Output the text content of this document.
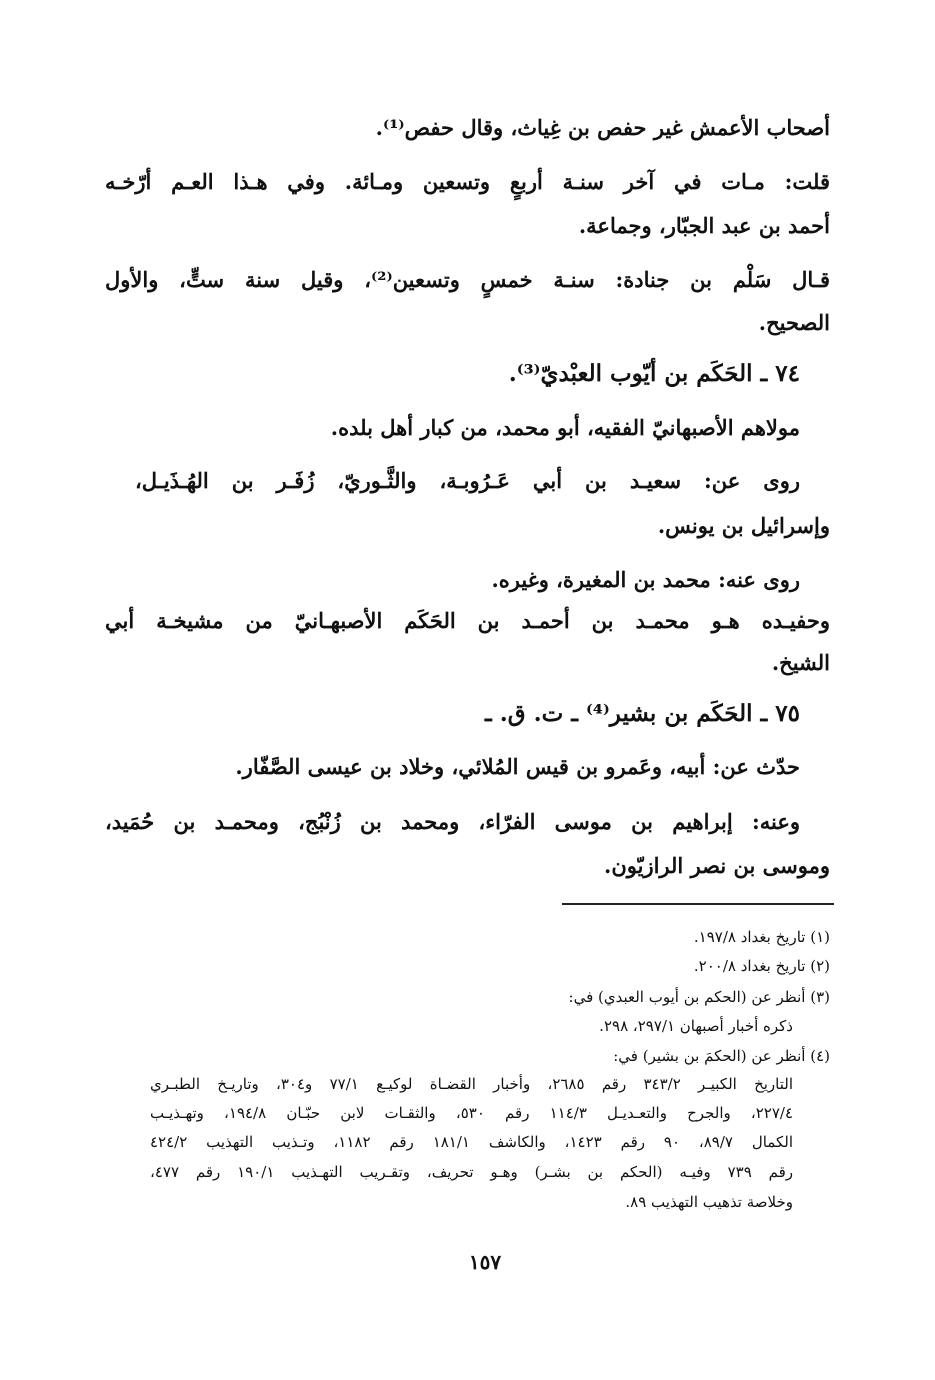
أصحاب الأعمش غير حفص بن غِياث، وقال حفص⁽¹⁾.
قلت: مـات في آخر سنـة أربعٍ وتسعين ومـائة. وفي هـذا العـم أرّخـه
أحمد بن عبد الجبّار، وجماعة.
قـال سَلْم بن جنادة: سنـة خمسٍ وتسعين⁽²⁾، وقيل سنة ستٍّ، والأول
الصحيح.
٧٤ ـ الحَكَم بن أيّوب العبْديّ⁽³⁾.
مولاهم الأصبهانيّ الفقيه، أبو محمد، من كبار أهل بلده.
روى عن: سعيـد بن أبي عَـرُوبـة، والثَّـوريّ، زُفَـر بن الهُـذَيـل،
وإسرائيل بن يونس.
روى عنه: محمد بن المغيرة، وغيره.
وحفيـده هـو محمـد بن أحمـد بن الحَكَم الأصبهـانيّ من مشيخـة أبي
الشيخ.
٧٥ ـ الحَكَم بن بشير⁽⁴⁾ ـ ت. ق. ـ
حدّث عن: أبيه، وعَمرو بن قيس المُلائي، وخلاد بن عيسى الصَّفّار.
وعنه: إبراهيم بن موسى الفرّاء، ومحمد بن زُنْبُج، ومحمـد بن حُمَيد،
وموسى بن نصر الرازيّون.
(١) تاريخ بغداد ١٩٧/٨.
(٢) تاريخ بغداد ٢٠٠/٨.
(٣) أنظر عن (الحكم بن أيوب العبدي) في:
ذكره أخبار أصبهان ٢٩٧/١، ٢٩٨.
(٤) أنظر عن (الحكمَ بن بشير) في:
التاريخ الكبيـر ٣٤٣/٢ رقم ٢٦٨٥، وأخبار القضـاة لوكيـع ٧٧/١ و٣٠٤، وتاريـخ الطبـري
٢٢٧/٤، والجرح والتعـديـل ١١٤/٣ رقم ٥٣٠، والثقـات لابن حبّـان ١٩٤/٨، وتهـذيـب
الكمال ٨٩/٧، ٩٠ رقم ١٤٢٣، والكاشف ١٨١/١ رقم ١١٨٢، وتـذيب التهذيب ٤٢٤/٢
رقم ٧٣٩ وفيـه (الحكم بن بشـر) وهـو تحريف، وتقـريب التهـذيب ١٩٠/١ رقم ٤٧٧،
وخلاصة تذهيب التهذيب ٨٩.
١٥٧
